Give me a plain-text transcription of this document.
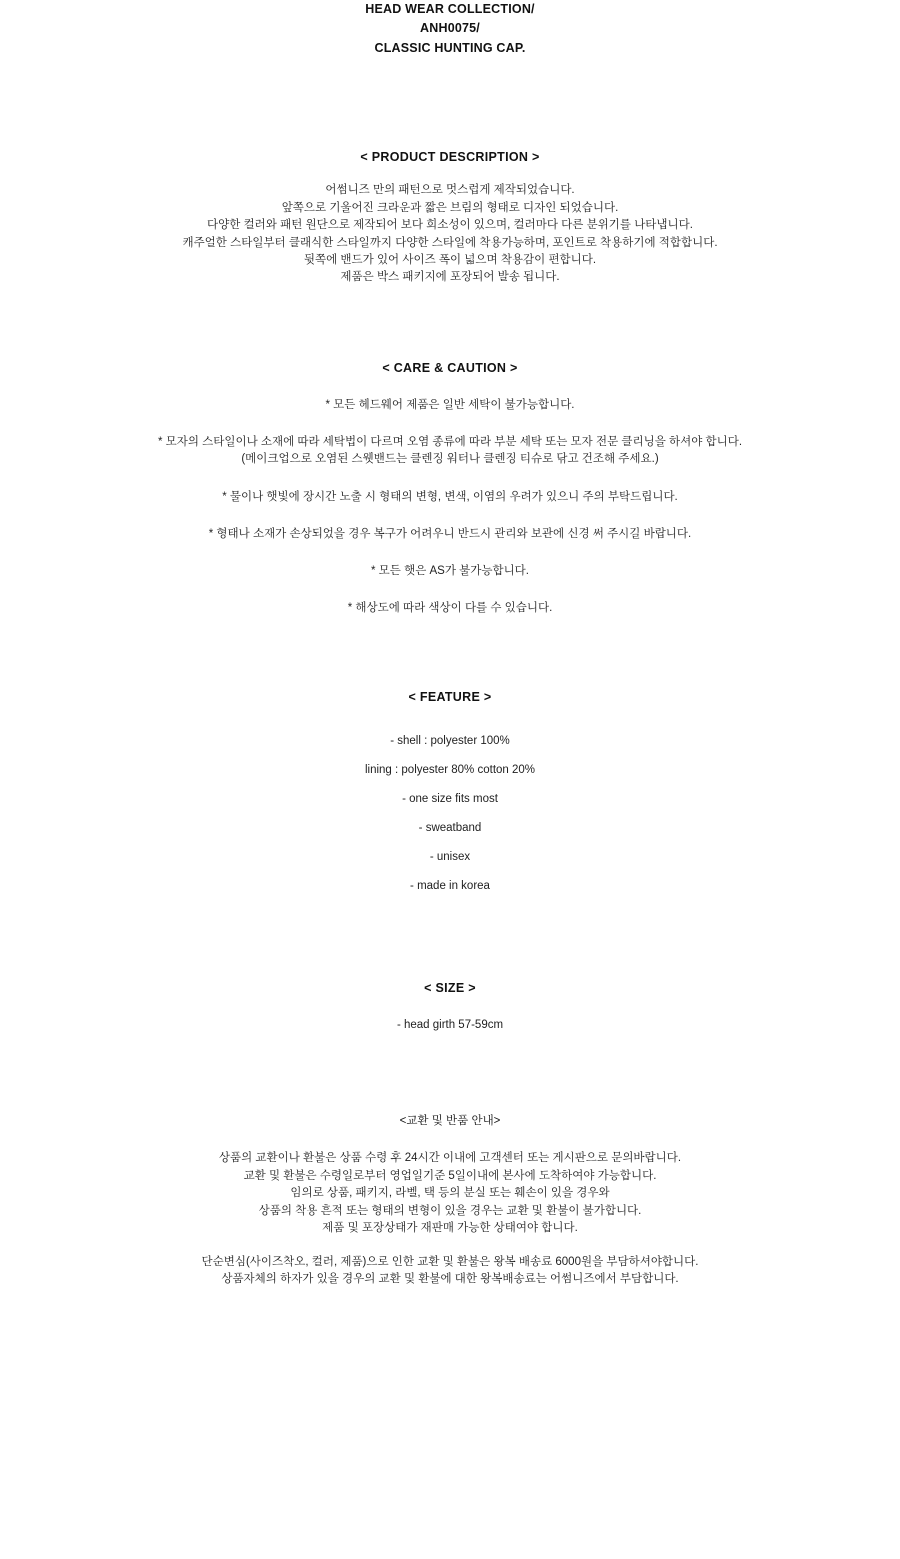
HEAD WEAR COLLECTION/
ANH0075/
CLASSIC HUNTING CAP.
< PRODUCT DESCRIPTION >

어썸니즈 만의 패턴으로 멋스럽게 제작되었습니다.

앞쪽으로 기울어진 크라운과 짧은 브림의 형태로 디자인 되었습니다.

다양한 컬러와 패턴 원단으로 제작되어 보다 희소성이 있으며, 컬러마다 다른 분위기를 나타냅니다.

캐주얼한 스타일부터 클래식한 스타일까지 다양한 스타일에 착용가능하며, 포인트로 착용하기에 적합합니다.

뒷쪽에 밴드가 있어 사이즈 폭이 넓으며 착용감이 편합니다.

제품은 박스 패키지에 포장되어 발송 됩니다.

< CARE & CAUTION >

* 모든 헤드웨어 제품은 일반 세탁이 불가능합니다.

* 모자의 스타일이나 소재에 따라 세탁법이 다르며 오염 종류에 따라 부분 세탁 또는 모자 전문 클리닝을 하셔야 합니다.
(메이크업으로 오염된 스웻밴드는 클렌징 워터나 클렌징 티슈로 닦고 건조해 주세요.)

* 물이나 햇빛에 장시간 노출 시 형태의 변형, 변색, 이염의 우려가 있으니 주의 부탁드립니다.

* 형태나 소재가 손상되었을 경우 복구가 어려우니 반드시 관리와 보관에 신경 써 주시길 바랍니다.

* 모든 햇은 AS가 불가능합니다.

* 해상도에 따라 색상이 다를 수 있습니다.

< FEATURE >

- shell : polyester 100%

lining : polyester 80% cotton 20%

- one size fits most

- sweatband

- unisex

- made in korea

< SIZE >

- head girth 57-59cm

<교환 및 반품 안내>

상품의 교환이나 환불은 상품 수령 후 24시간 이내에 고객센터 또는 게시판으로 문의바랍니다.

교환 및 환불은 수령일로부터 영업일기준 5일이내에 본사에 도착하여야 가능합니다.

임의로 상품, 패키지, 라벨, 택 등의 분실 또는 훼손이 있을 경우와

상품의 착용 흔적 또는 형태의 변형이 있을 경우는 교환 및 환불이 불가합니다.

제품 및 포장상태가 재판매 가능한 상태여야 합니다.

단순변심(사이즈착오, 컬러, 제품)으로 인한 교환 및 환불은 왕복 배송료 6000원을 부담하셔야합니다.

상품자체의 하자가 있을 경우의 교환 및 환불에 대한 왕복배송료는 어썸니즈에서 부담합니다.
